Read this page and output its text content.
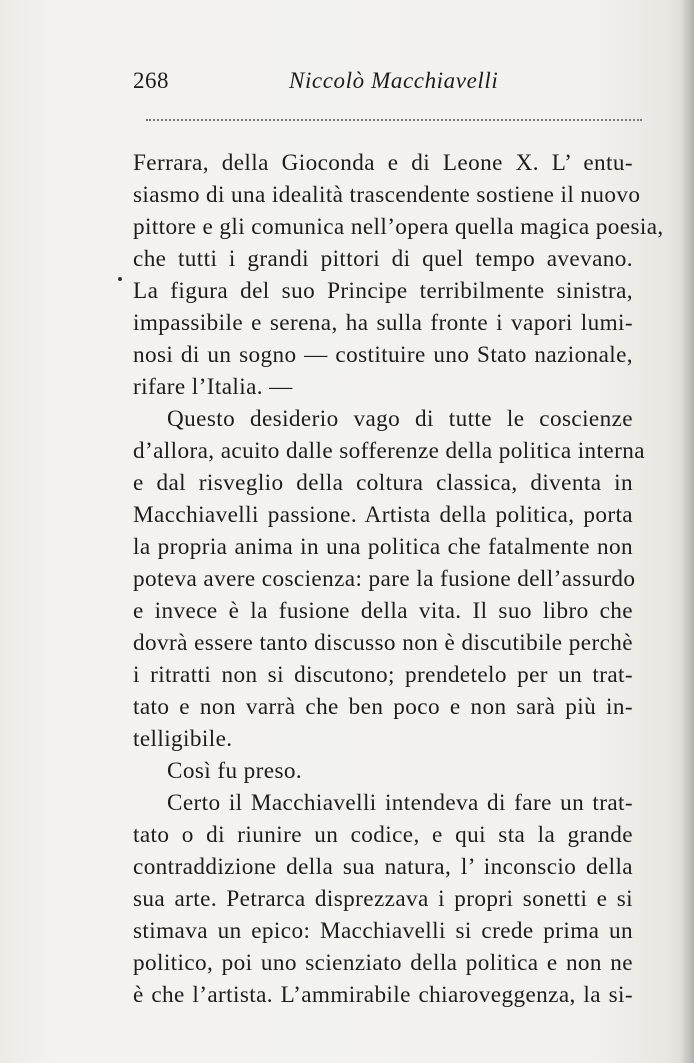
268	Niccolò Macchiavelli
Ferrara, della Gioconda e di Leone X. L’ entu-
siasmo di una idealità trascendente sostiene il nuovo
pittore e gli comunica nell’opera quella magica poesia,
che tutti i grandi pittori di quel tempo avevano.
La figura del suo Principe terribilmente sinistra,
impassibile e serena, ha sulla fronte i vapori lumi-
nosi di un sogno — costituire uno Stato nazionale,
rifare l’Italia. —
Questo desiderio vago di tutte le coscienze
d’allora, acuito dalle sofferenze della politica interna
e dal risveglio della coltura classica, diventa in
Macchiavelli passione. Artista della politica, porta
la propria anima in una politica che fatalmente non
poteva avere coscienza: pare la fusione dell’assurdo
e invece è la fusione della vita. Il suo libro che
dovrà essere tanto discusso non è discutibile perchè
i ritratti non si discutono; prendetelo per un trat-
tato e non varrà che ben poco e non sarà più in-
telligibile.
Così fu preso.
Certo il Macchiavelli intendeva di fare un trat-
tato o di riunire un codice, e qui sta la grande
contraddizione della sua natura, l’ inconscio della
sua arte. Petrarca disprezzava i propri sonetti e si
stimava un epico: Macchiavelli si crede prima un
politico, poi uno scienziato della politica e non ne
è che l’artista. L’ammirabile chiaroveggenza, la si-
